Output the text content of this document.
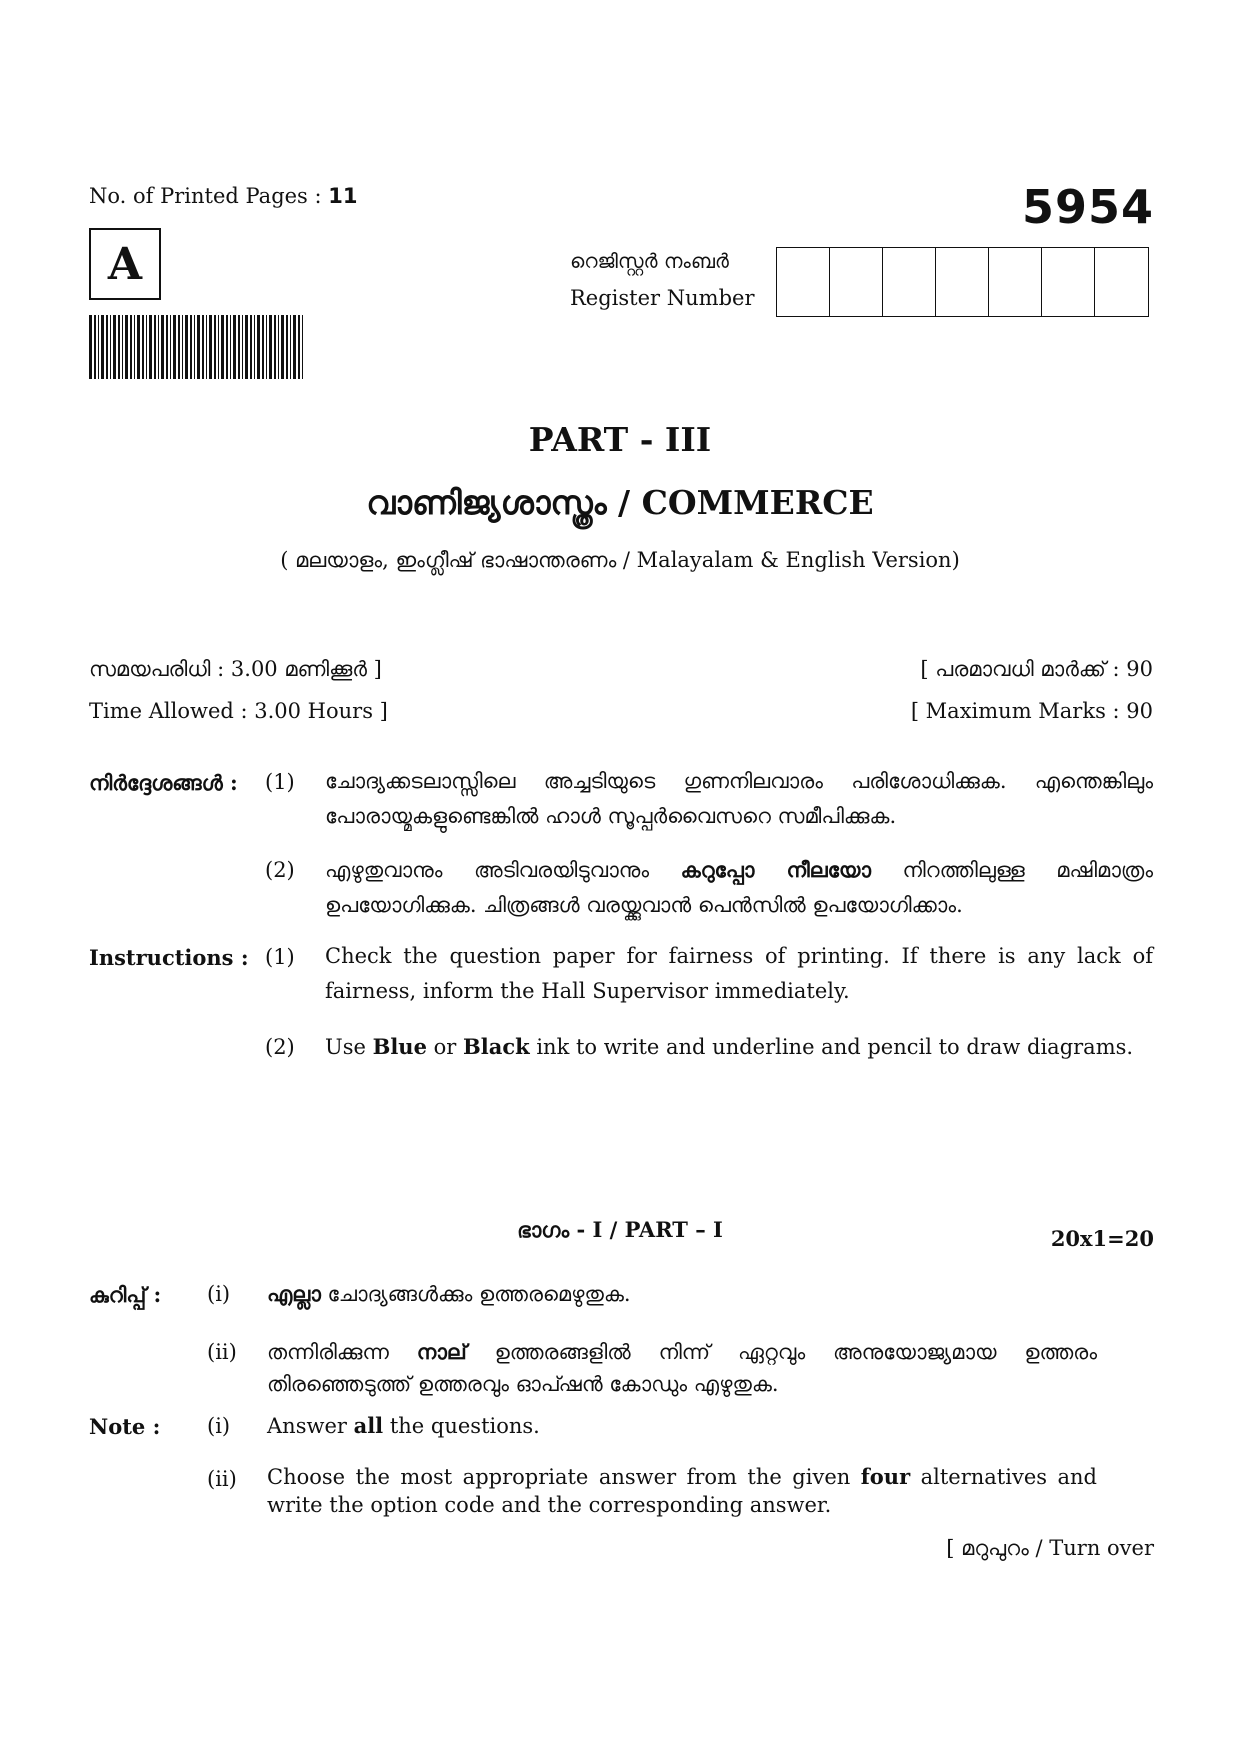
No. of Printed Pages : 11	5954
A	റെജിസ്റ്റർ നംബർ
Register Number
PART - III
വാണിജ്യശാസ്ത്രം / COMMERCE
( മലയാളം, ഇംഗ്ലീഷ് ഭാഷാന്തരണം / Malayalam & English Version)
സമയപരിധി : 3.00 മണിക്കൂർ ]	[ പരമാവധി മാർക്ക് : 90
Time Allowed : 3.00 Hours ]	[ Maximum Marks : 90
നിർദ്ദേശങ്ങൾ : (1) ചോദ്യക്കടലാസ്സിലെ അച്ചടിയുടെ ഗുണനിലവാരം പരിശോധിക്കുക. എന്തെങ്കിലും പോരായ്മകളുണ്ടെങ്കിൽ ഹാൾ സൂപ്പർവൈസറെ സമീപിക്കുക.
(2) എഴുതുവാനും അടിവരയിടുവാനും കറുപ്പോ നീലയോ നിറത്തിലുള്ള മഷിമാത്രം ഉപയോഗിക്കുക. ചിത്രങ്ങൾ വരയ്ക്കുവാൻ പെൻസിൽ ഉപയോഗിക്കാം.
Instructions : (1) Check the question paper for fairness of printing. If there is any lack of fairness, inform the Hall Supervisor immediately.
(2) Use Blue or Black ink to write and underline and pencil to draw diagrams.
ഭാഗം - I / PART – I
കുറിപ്പ് : (i) എല്ലാ ചോദ്യങ്ങൾക്കും ഉത്തരമെഴുതുക.
20x1=20
(ii) തന്നിരിക്കുന്ന നാല് ഉത്തരങ്ങളിൽ നിന്ന് ഏറ്റവും അനുയോജ്യമായ ഉത്തരം തിരഞ്ഞെടുത്ത് ഉത്തരവും ഓപ്ഷൻ കോഡും എഴുതുക.
Note : (i) Answer all the questions.
(ii) Choose the most appropriate answer from the given four alternatives and write the option code and the corresponding answer.
[ മറുപുറം / Turn over
